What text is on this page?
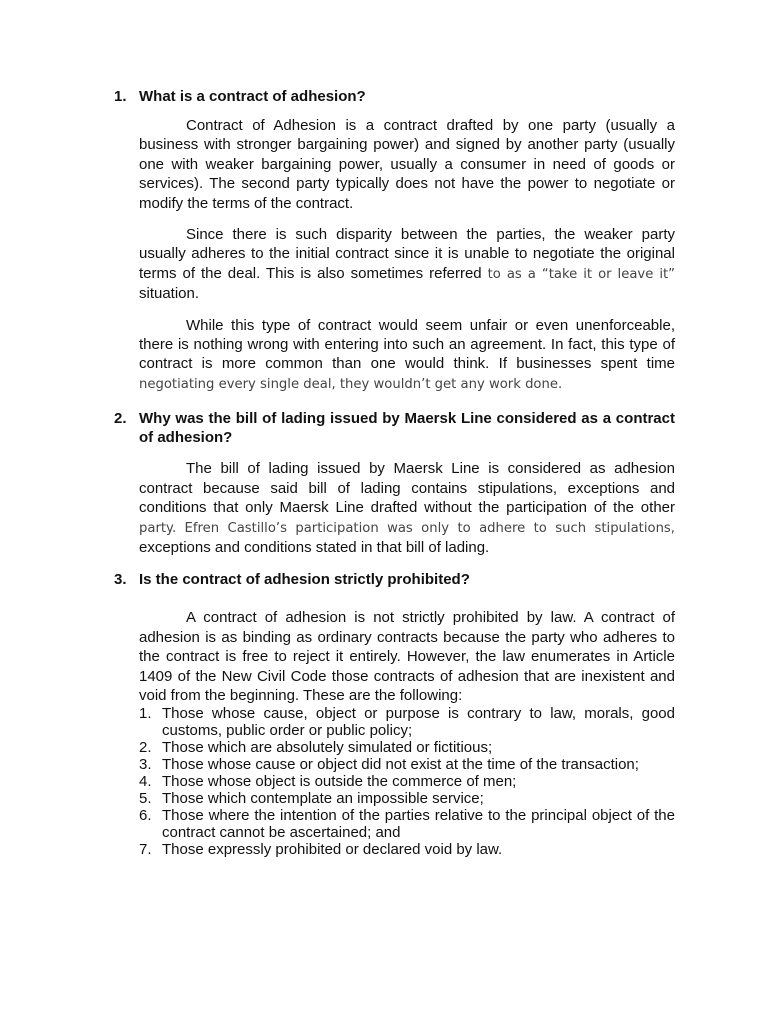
1. What is a contract of adhesion?

Contract of Adhesion is a contract drafted by one party (usually a business with stronger bargaining power) and signed by another party (usually one with weaker bargaining power, usually a consumer in need of goods or services). The second party typically does not have the power to negotiate or modify the terms of the contract.

Since there is such disparity between the parties, the weaker party usually adheres to the initial contract since it is unable to negotiate the original terms of the deal. This is also sometimes referred to as a “take it or leave it” situation.

While this type of contract would seem unfair or even unenforceable, there is nothing wrong with entering into such an agreement. In fact, this type of contract is more common than one would think. If businesses spent time negotiating every single deal, they wouldn’t get any work done.

2. Why was the bill of lading issued by Maersk Line considered as a contract of adhesion?

The bill of lading issued by Maersk Line is considered as adhesion contract because said bill of lading contains stipulations, exceptions and conditions that only Maersk Line drafted without the participation of the other party. Efren Castillo’s participation was only to adhere to such stipulations, exceptions and conditions stated in that bill of lading.

3. Is the contract of adhesion strictly prohibited?

A contract of adhesion is not strictly prohibited by law. A contract of adhesion is as binding as ordinary contracts because the party who adheres to the contract is free to reject it entirely. However, the law enumerates in Article 1409 of the New Civil Code those contracts of adhesion that are inexistent and void from the beginning. These are the following:

1. Those whose cause, object or purpose is contrary to law, morals, good customs, public order or public policy;
2. Those which are absolutely simulated or fictitious;
3. Those whose cause or object did not exist at the time of the transaction;
4. Those whose object is outside the commerce of men;
5. Those which contemplate an impossible service;
6. Those where the intention of the parties relative to the principal object of the contract cannot be ascertained; and
7. Those expressly prohibited or declared void by law.
